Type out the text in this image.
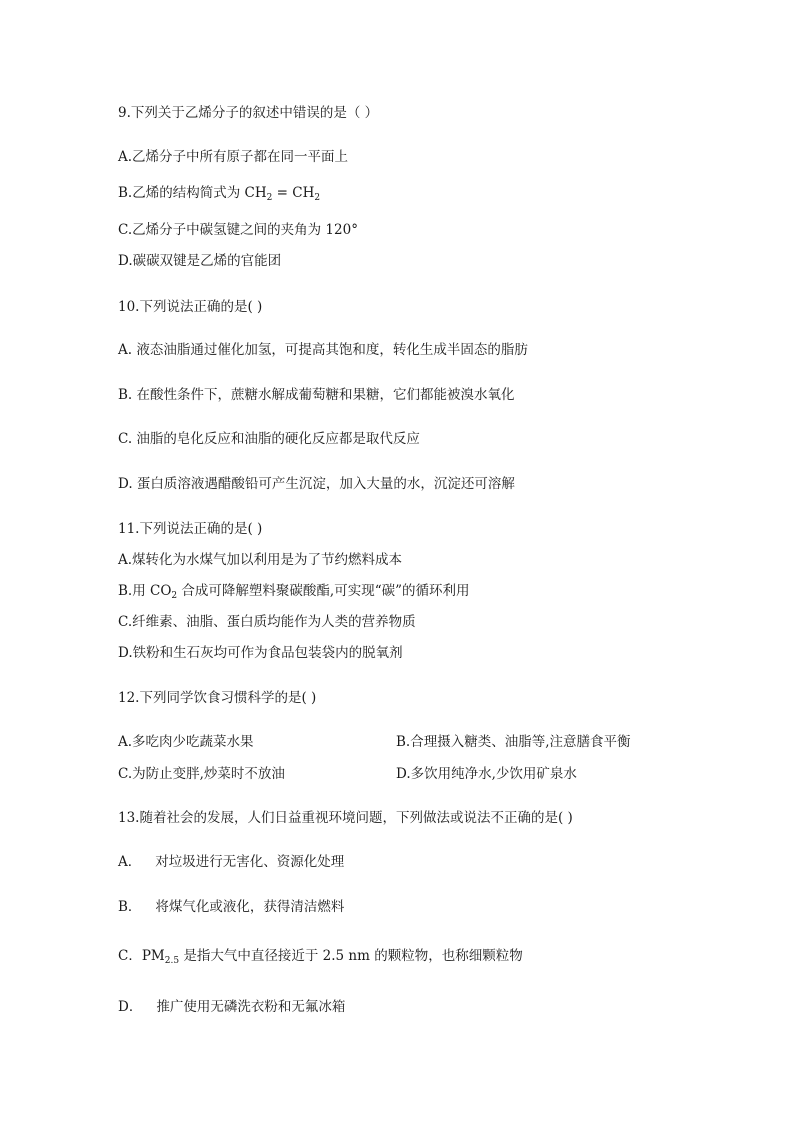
9.下列关于乙烯分子的叙述中错误的是（ ）
A.乙烯分子中所有原子都在同一平面上
B.乙烯的结构简式为 $CH_2 = CH_2$
C.乙烯分子中碳氢键之间的夹角为 120°
D.碳碳双键是乙烯的官能团
10.下列说法正确的是( )
A. 液态油脂通过催化加氢，可提高其饱和度，转化生成半固态的脂肪
B. 在酸性条件下，蔗糖水解成葡萄糖和果糖，它们都能被溴水氧化
C. 油脂的皂化反应和油脂的硬化反应都是取代反应
D. 蛋白质溶液遇醋酸铅可产生沉淀，加入大量的水，沉淀还可溶解
11.下列说法正确的是( )
A.煤转化为水煤气加以利用是为了节约燃料成本
B.用 $CO_2$ 合成可降解塑料聚碳酸酯,可实现“碳”的循环利用
C.纤维素、油脂、蛋白质均能作为人类的营养物质
D.铁粉和生石灰均可作为食品包装袋内的脱氧剂
12.下列同学饮食习惯科学的是( )
A.多吃肉少吃蔬菜水果	B.合理摄入糖类、油脂等,注意膳食平衡
C.为防止变胖,炒菜时不放油	D.多饮用纯净水,少饮用矿泉水
13.随着社会的发展，人们日益重视环境问题，下列做法或说法不正确的是( )
A． 对垃圾进行无害化、资源化处理
B． 将煤气化或液化，获得清洁燃料
C．$PM_{2.5}$ 是指大气中直径接近于 2.5 nm 的颗粒物，也称细颗粒物
D． 推广使用无磷洗衣粉和无氟冰箱
